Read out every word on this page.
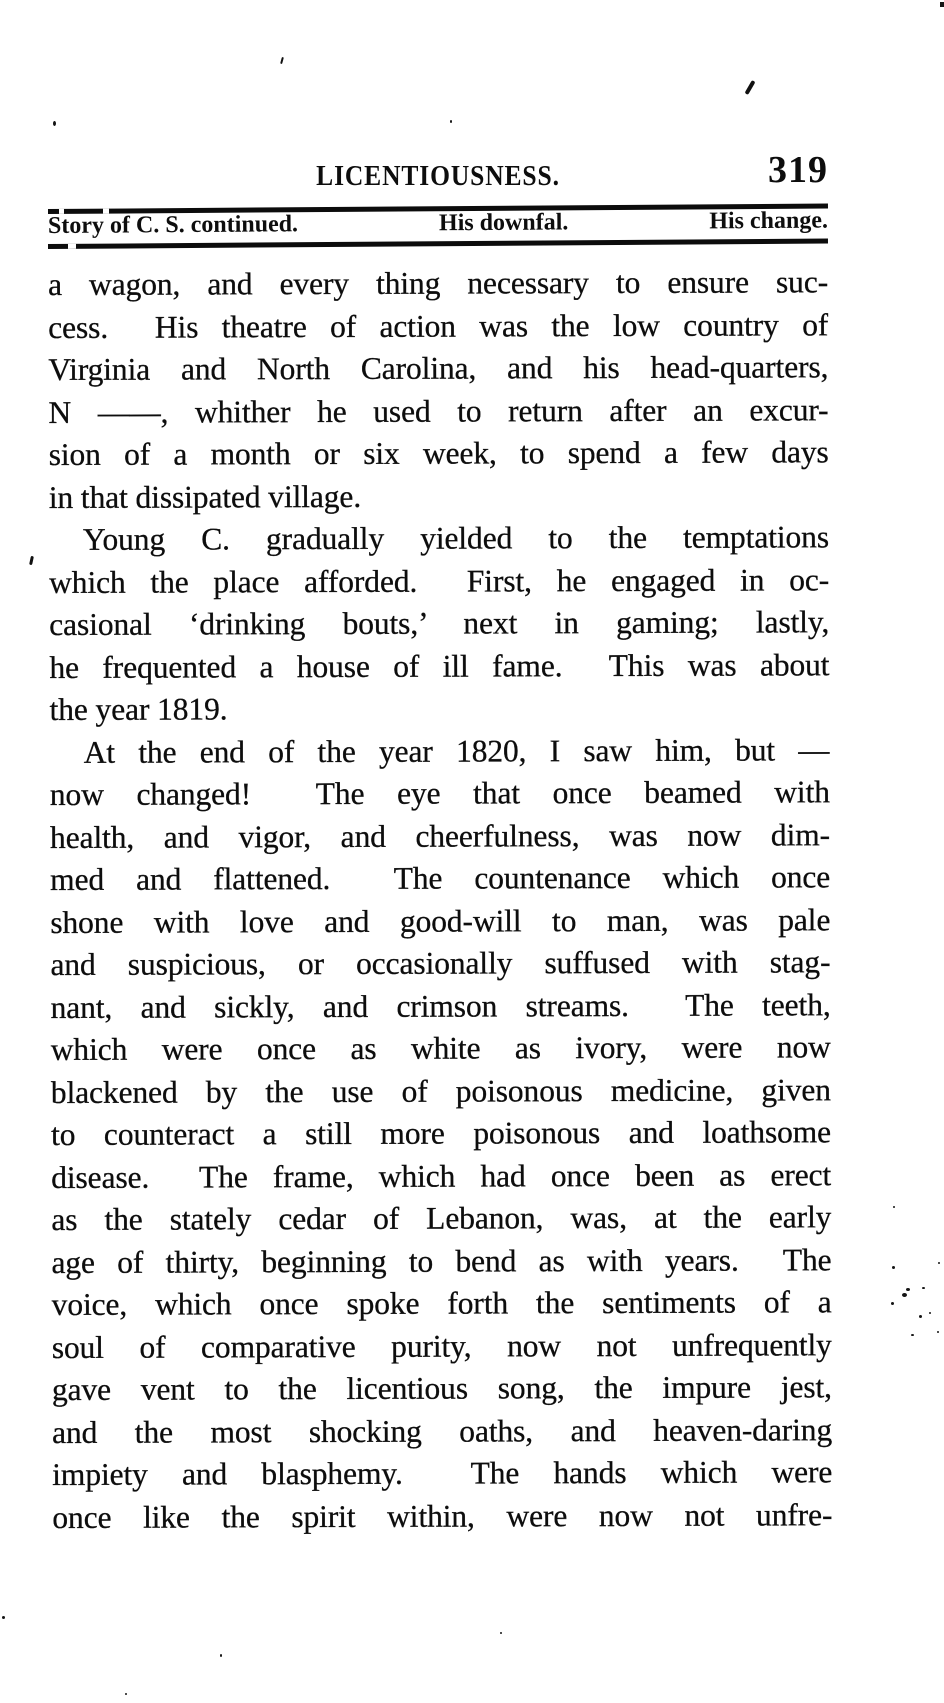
LICENTIOUSNESS.	319
Story of C. S. continued.	His downfal.	His change.
a wagon, and every thing necessary to ensure suc-
cess.  His theatre of action was the low country of
Virginia and North Carolina, and his head-quarters,
N ——, whither he used to return after an excur-
sion of a month or six week, to spend a few days
in that dissipated village.
Young C. gradually yielded to the temptations
which the place afforded.  First, he engaged in oc-
casional ‘drinking bouts,’ next in gaming; lastly,
he frequented a house of ill fame.  This was about
the year 1819.
At the end of the year 1820, I saw him, but —
now changed!  The eye that once beamed with
health, and vigor, and cheerfulness, was now dim-
med and flattened.  The countenance which once
shone with love and good-will to man, was pale
and suspicious, or occasionally suffused with stag-
nant, and sickly, and crimson streams.  The teeth,
which were once as white as ivory, were now
blackened by the use of poisonous medicine, given
to counteract a still more poisonous and loathsome
disease.  The frame, which had once been as erect
as the stately cedar of Lebanon, was, at the early
age of thirty, beginning to bend as with years.  The
voice, which once spoke forth the sentiments of a
soul of comparative purity, now not unfrequently
gave vent to the licentious song, the impure jest,
and the most shocking oaths, and heaven-daring
impiety and blasphemy.  The hands which were
once like the spirit within, were now not unfre-
